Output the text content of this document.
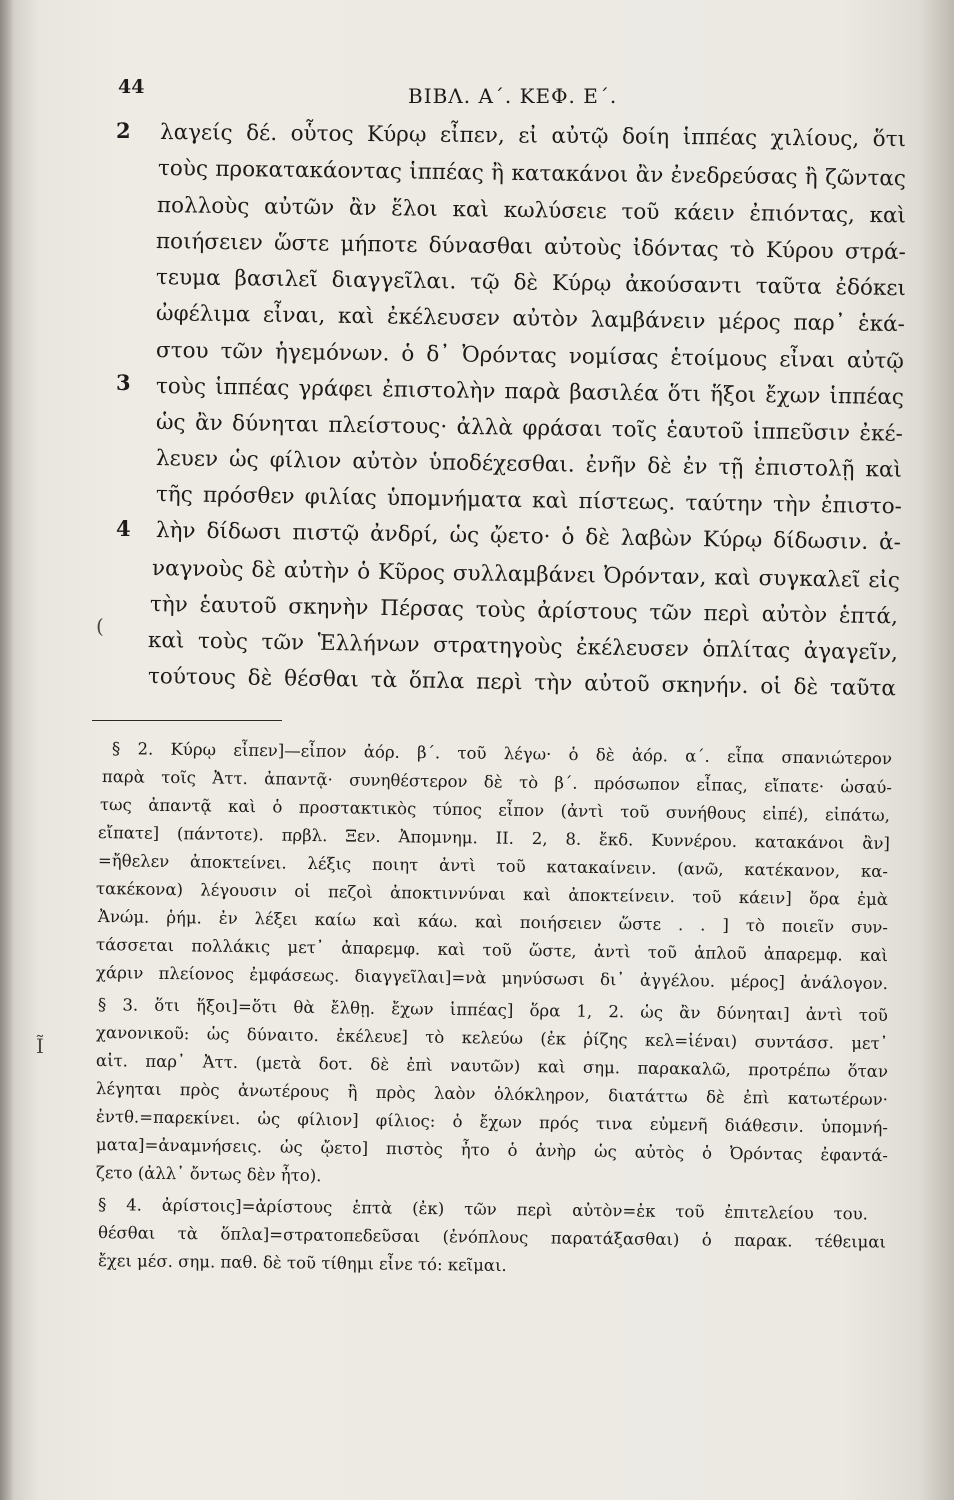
44	ΒΙΒΛ. Α΄. ΚΕΦ. Ε΄.
2
3
4
λαγείς δέ. οὗτος Κύρῳ εἶπεν, εἰ αὐτῷ δοίη ἱππέας χιλίους, ὅτι
τοὺς προκατακάοντας ἱππέας ἢ κατακάνοι ἂν ἐνεδρεύσας ἢ ζῶντας
πολλοὺς αὐτῶν ἂν ἕλοι καὶ κωλύσειε τοῦ κάειν ἐπιόντας, καὶ
ποιήσειεν ὥστε μήποτε δύνασθαι αὐτοὺς ἰδόντας τὸ Κύρου στρά-
τευμα βασιλεῖ διαγγεῖλαι. τῷ δὲ Κύρῳ ἀκούσαντι ταῦτα ἐδόκει
ὠφέλιμα εἶναι, καὶ ἐκέλευσεν αὐτὸν λαμβάνειν μέρος παρ᾽ ἑκά-
στου τῶν ἡγεμόνων. ὁ δ᾽ Ὀρόντας νομίσας ἑτοίμους εἶναι αὐτῷ
τοὺς ἱππέας γράφει ἐπιστολὴν παρὰ βασιλέα ὅτι ἥξοι ἔχων ἱππέας
ὡς ἂν δύνηται πλείστους· ἀλλὰ φράσαι τοῖς ἑαυτοῦ ἱππεῦσιν ἐκέ-
λευεν ὡς φίλιον αὐτὸν ὑποδέχεσθαι. ἐνῆν δὲ ἐν τῇ ἐπιστολῇ καὶ
τῆς πρόσθεν φιλίας ὑπομνήματα καὶ πίστεως. ταύτην τὴν ἐπιστο-
λὴν δίδωσι πιστῷ ἀνδρί, ὡς ᾤετο· ὁ δὲ λαβὼν Κύρῳ δίδωσιν. ἀ-
ναγνοὺς δὲ αὐτὴν ὁ Κῦρος συλλαμβάνει Ὀρόνταν, καὶ συγκαλεῖ εἰς
τὴν ἑαυτοῦ σκηνὴν Πέρσας τοὺς ἀρίστους τῶν περὶ αὐτὸν ἑπτά,
καὶ τοὺς τῶν Ἑλλήνων στρατηγοὺς ἐκέλευσεν ὁπλίτας ἀγαγεῖν,
τούτους δὲ θέσθαι τὰ ὅπλα περὶ τὴν αὐτοῦ σκηνήν. οἱ δὲ ταῦτα
§ 2. Κύρῳ εἶπεν]—εἶπον ἀόρ. β΄. τοῦ λέγω· ὁ δὲ ἀόρ. α΄. εἶπα σπανιώτερον
παρὰ τοῖς Ἀττ. ἀπαντᾷ· συνηθέστερον δὲ τὸ β΄. πρόσωπον εἶπας, εἴπατε· ὡσαύ-
τως ἀπαντᾷ καὶ ὁ προστακτικὸς τύπος εἶπον (ἀντὶ τοῦ συνήθους εἰπέ), εἰπάτω,
εἴπατε] (πάντοτε). πρβλ. Ξεν. Ἀπομνημ. II. 2, 8. ἔκδ. Κυννέρου. κατακάνοι ἂν]
=ἤθελεν ἀποκτείνει. λέξις ποιητ ἀντὶ τοῦ κατακαίνειν. (ανῶ, κατέκανον, κα-
τακέκονα) λέγουσιν οἱ πεζοὶ ἀποκτιννύναι καὶ ἀποκτείνειν. τοῦ κάειν] ὅρα ἐμὰ
Ἀνώμ. ῥήμ. ἐν λέξει καίω καὶ κάω. καὶ ποιήσειεν ὥστε . . ] τὸ ποιεῖν συν-
τάσσεται πολλάκις μετ᾽ ἀπαρεμφ. καὶ τοῦ ὥστε, ἀντὶ τοῦ ἁπλοῦ ἀπαρεμφ. καὶ
χάριν πλείονος ἐμφάσεως. διαγγεῖλαι]=νὰ μηνύσωσι δι᾽ ἀγγέλου. μέρος] ἀνάλογον.
§ 3. ὅτι ἥξοι]=ὅτι θὰ ἔλθῃ. ἔχων ἱππέας] ὅρα 1, 2. ὡς ἂν δύνηται] ἀντὶ τοῦ
χανονικοῦ: ὡς δύναιτο. ἐκέλευε] τὸ κελεύω (ἐκ ῥίζης κελ=ἰέναι) συντάσσ. μετ᾽
αἰτ. παρ᾽ Ἀττ. (μετὰ δοτ. δὲ ἐπὶ ναυτῶν) καὶ σημ. παρακαλῶ, προτρέπω ὅταν
λέγηται πρὸς ἀνωτέρους ἢ πρὸς λαὸν ὁλόκληρον, διατάττω δὲ ἐπὶ κατωτέρων·
ἐντθ.=παρεκίνει. ὡς φίλιον] φίλιος: ὁ ἔχων πρός τινα εὐμενῆ διάθεσιν. ὑπομνή-
ματα]=ἀναμνήσεις. ὡς ᾤετο] πιστὸς ἦτο ὁ ἀνὴρ ὡς αὐτὸς ὁ Ὀρόντας ἐφαντά-
ζετο (ἀλλ᾽ ὄντως δὲν ἦτο).
§ 4. ἀρίστοις]=ἀρίστους ἑπτὰ (ἐκ) τῶν περὶ αὐτὸν=ἐκ τοῦ ἐπιτελείου του.
θέσθαι τὰ ὅπλα]=στρατοπεδεῦσαι (ἐνόπλους παρατάξασθαι) ὁ παρακ. τέθειμαι
ἔχει μέσ. σημ. παθ. δὲ τοῦ τίθημι εἶνε τό: κεῖμαι.
(
Ĩ
